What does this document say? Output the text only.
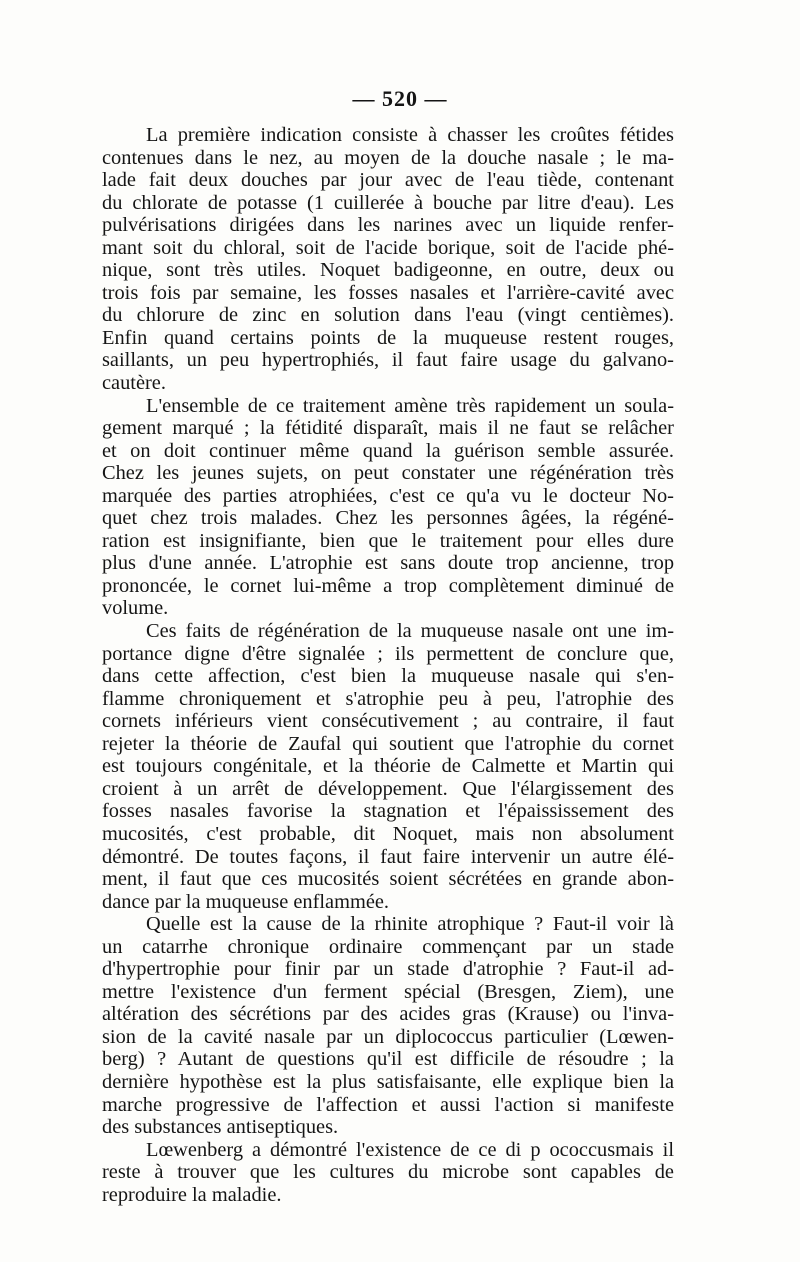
— 520 —
La première indication consiste à chasser les croûtes fétides
contenues dans le nez, au moyen de la douche nasale ; le ma-
lade fait deux douches par jour avec de l'eau tiède, contenant
du chlorate de potasse (1 cuillerée à bouche par litre d'eau). Les
pulvérisations dirigées dans les narines avec un liquide renfer-
mant soit du chloral, soit de l'acide borique, soit de l'acide phé-
nique, sont très utiles. Noquet badigeonne, en outre, deux ou
trois fois par semaine, les fosses nasales et l'arrière-cavité avec
du chlorure de zinc en solution dans l'eau (vingt centièmes).
Enfin quand certains points de la muqueuse restent rouges,
saillants, un peu hypertrophiés, il faut faire usage du galvano-
cautère.
L'ensemble de ce traitement amène très rapidement un soula-
gement marqué ; la fétidité disparaît, mais il ne faut se relâcher
et on doit continuer même quand la guérison semble assurée.
Chez les jeunes sujets, on peut constater une régénération très
marquée des parties atrophiées, c'est ce qu'a vu le docteur No-
quet chez trois malades. Chez les personnes âgées, la régéné-
ration est insignifiante, bien que le traitement pour elles dure
plus d'une année. L'atrophie est sans doute trop ancienne, trop
prononcée, le cornet lui-même a trop complètement diminué de
volume.
Ces faits de régénération de la muqueuse nasale ont une im-
portance digne d'être signalée ; ils permettent de conclure que,
dans cette affection, c'est bien la muqueuse nasale qui s'en-
flamme chroniquement et s'atrophie peu à peu, l'atrophie des
cornets inférieurs vient consécutivement ; au contraire, il faut
rejeter la théorie de Zaufal qui soutient que l'atrophie du cornet
est toujours congénitale, et la théorie de Calmette et Martin qui
croient à un arrêt de développement. Que l'élargissement des
fosses nasales favorise la stagnation et l'épaississement des
mucosités, c'est probable, dit Noquet, mais non absolument
démontré. De toutes façons, il faut faire intervenir un autre élé-
ment, il faut que ces mucosités soient sécrétées en grande abon-
dance par la muqueuse enflammée.
Quelle est la cause de la rhinite atrophique ? Faut-il voir là
un catarrhe chronique ordinaire commençant par un stade
d'hypertrophie pour finir par un stade d'atrophie ? Faut-il ad-
mettre l'existence d'un ferment spécial (Bresgen, Ziem), une
altération des sécrétions par des acides gras (Krause) ou l'inva-
sion de la cavité nasale par un diplococcus particulier (Lœwen-
berg) ? Autant de questions qu'il est difficile de résoudre ; la
dernière hypothèse est la plus satisfaisante, elle explique bien la
marche progressive de l'affection et aussi l'action si manifeste
des substances antiseptiques.
Lœwenberg a démontré l'existence de ce di p ococcusmais il
reste à trouver que les cultures du microbe sont capables de
reproduire la maladie.
